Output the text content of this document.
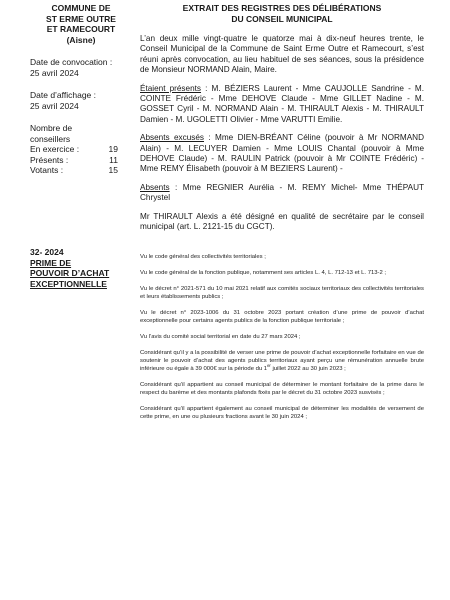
COMMUNE DE
ST ERME OUTRE
ET RAMECOURT
(Aisne)
Date de convocation :
25 avril 2024
Date d’affichage :
25 avril 2024
Nombre de
conseillers
En exercice :	19
Présents :	11
Votants :	15
32- 2024
PRIME DE
POUVOIR D’ACHAT
EXCEPTIONNELLE
EXTRAIT DES REGISTRES DES DÉLIBÉRATIONS
DU CONSEIL MUNICIPAL

L’an deux mille vingt-quatre le quatorze mai à dix-neuf heures trente, le Conseil Municipal de la Commune de Saint Erme Outre et Ramecourt, s’est réuni après convocation, au lieu habituel de ses séances, sous la présidence de Monsieur NORMAND Alain, Maire.

Étaient présents : M. BÉZIERS Laurent - Mme CAUJOLLE Sandrine - M. COINTE Frédéric - Mme DEHOVE Claude - Mme GILLET Nadine - M. GOSSET Cyril - M. NORMAND Alain - M. THIRAULT Alexis - M. THIRAULT Damien - M. UGOLETTI Olivier - Mme VARUTTI Emilie.

Absents excusés : Mme DIEN-BRÉANT Céline (pouvoir à Mr NORMAND Alain) - M. LECUYER Damien - Mme LOUIS Chantal (pouvoir à Mme DEHOVE Claude) - M. RAULIN Patrick (pouvoir à Mr COINTE Frédéric) - Mme REMY Élisabeth (pouvoir à M BEZIERS Laurent) -

Absents : Mme REGNIER Aurélia - M. REMY Michel- Mme THÉPAUT Chrystel

Mr THIRAULT Alexis a été désigné en qualité de secrétaire par le conseil municipal (art. L. 2121-15 du CGCT).

Vu le code général des collectivités territoriales ;

Vu le code général de la fonction publique, notamment ses articles L. 4, L. 712-13 et L. 713-2 ;

Vu le décret n° 2021-571 du 10 mai 2021 relatif aux comités sociaux territoriaux des collectivités territoriales et leurs établissements publics ;

Vu le décret n° 2023-1006 du 31 octobre 2023 portant création d’une prime de pouvoir d’achat exceptionnelle pour certains agents publics de la fonction publique territoriale ;

Vu l’avis du comité social territorial en date du 27 mars 2024 ;

Considérant qu’il y a la possibilité de verser une prime de pouvoir d’achat exceptionnelle forfaitaire en vue de soutenir le pouvoir d’achat des agents publics territoriaux ayant perçu une rémunération annuelle brute inférieure ou égale à 39 000€ sur la période du 1er juillet 2022 au 30 juin 2023 ;

Considérant qu’il appartient au conseil municipal de déterminer le montant forfaitaire de la prime dans le respect du barème et des montants plafonds fixés par le décret du 31 octobre 2023 susvisés ;

Considérant qu’il appartient également au conseil municipal de déterminer les modalités de versement de cette prime, en une ou plusieurs fractions avant le 30 juin 2024 ;
